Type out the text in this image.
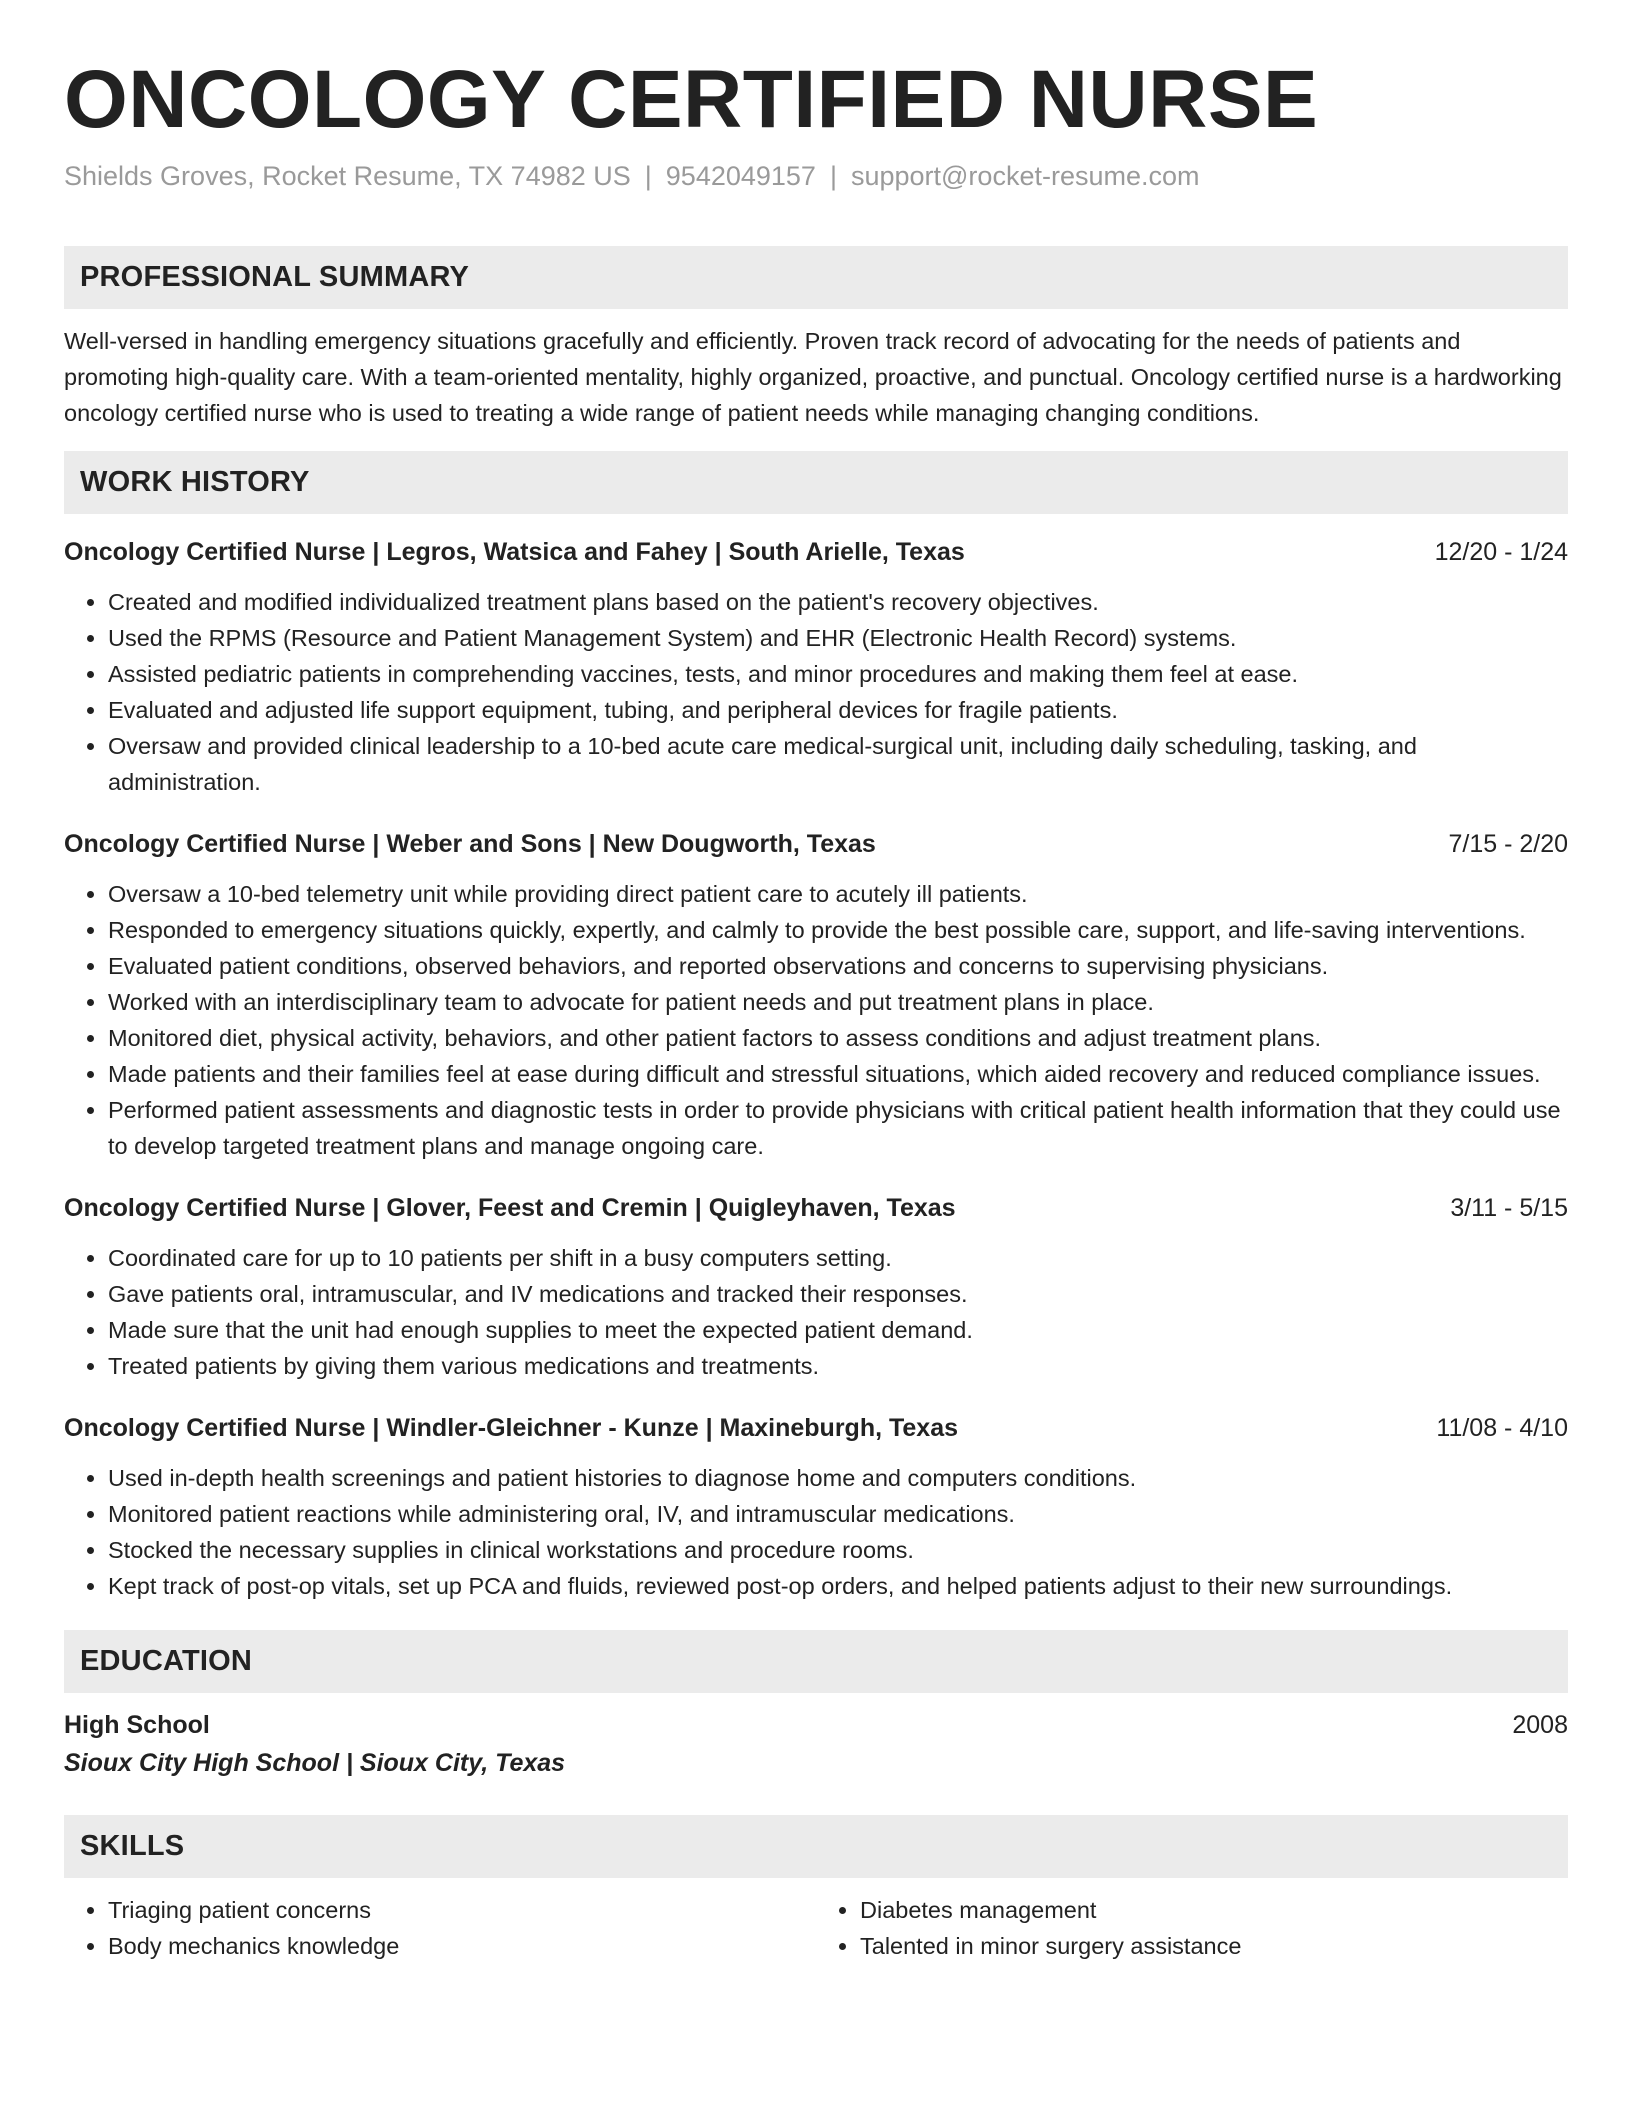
ONCOLOGY CERTIFIED NURSE
Shields Groves, Rocket Resume, TX 74982 US | 9542049157 | support@rocket-resume.com
PROFESSIONAL SUMMARY

Well-versed in handling emergency situations gracefully and efficiently. Proven track record of advocating for the needs of patients and promoting high-quality care. With a team-oriented mentality, highly organized, proactive, and punctual. Oncology certified nurse is a hardworking oncology certified nurse who is used to treating a wide range of patient needs while managing changing conditions.

WORK HISTORY
Oncology Certified Nurse | Legros, Watsica and Fahey | South Arielle, Texas	12/20 - 1/24
• Created and modified individualized treatment plans based on the patient's recovery objectives.
• Used the RPMS (Resource and Patient Management System) and EHR (Electronic Health Record) systems.
• Assisted pediatric patients in comprehending vaccines, tests, and minor procedures and making them feel at ease.
• Evaluated and adjusted life support equipment, tubing, and peripheral devices for fragile patients.
• Oversaw and provided clinical leadership to a 10-bed acute care medical-surgical unit, including daily scheduling, tasking, and administration.
Oncology Certified Nurse | Weber and Sons | New Dougworth, Texas	7/15 - 2/20
• Oversaw a 10-bed telemetry unit while providing direct patient care to acutely ill patients.
• Responded to emergency situations quickly, expertly, and calmly to provide the best possible care, support, and life-saving interventions.
• Evaluated patient conditions, observed behaviors, and reported observations and concerns to supervising physicians.
• Worked with an interdisciplinary team to advocate for patient needs and put treatment plans in place.
• Monitored diet, physical activity, behaviors, and other patient factors to assess conditions and adjust treatment plans.
• Made patients and their families feel at ease during difficult and stressful situations, which aided recovery and reduced compliance issues.
• Performed patient assessments and diagnostic tests in order to provide physicians with critical patient health information that they could use to develop targeted treatment plans and manage ongoing care.
Oncology Certified Nurse | Glover, Feest and Cremin | Quigleyhaven, Texas	3/11 - 5/15
• Coordinated care for up to 10 patients per shift in a busy computers setting.
• Gave patients oral, intramuscular, and IV medications and tracked their responses.
• Made sure that the unit had enough supplies to meet the expected patient demand.
• Treated patients by giving them various medications and treatments.
Oncology Certified Nurse | Windler-Gleichner - Kunze | Maxineburgh, Texas	11/08 - 4/10
• Used in-depth health screenings and patient histories to diagnose home and computers conditions.
• Monitored patient reactions while administering oral, IV, and intramuscular medications.
• Stocked the necessary supplies in clinical workstations and procedure rooms.
• Kept track of post-op vitals, set up PCA and fluids, reviewed post-op orders, and helped patients adjust to their new surroundings.
EDUCATION
High School	2008
Sioux City High School | Sioux City, Texas
SKILLS
• Triaging patient concerns
• Body mechanics knowledge
• Diabetes management
• Talented in minor surgery assistance
